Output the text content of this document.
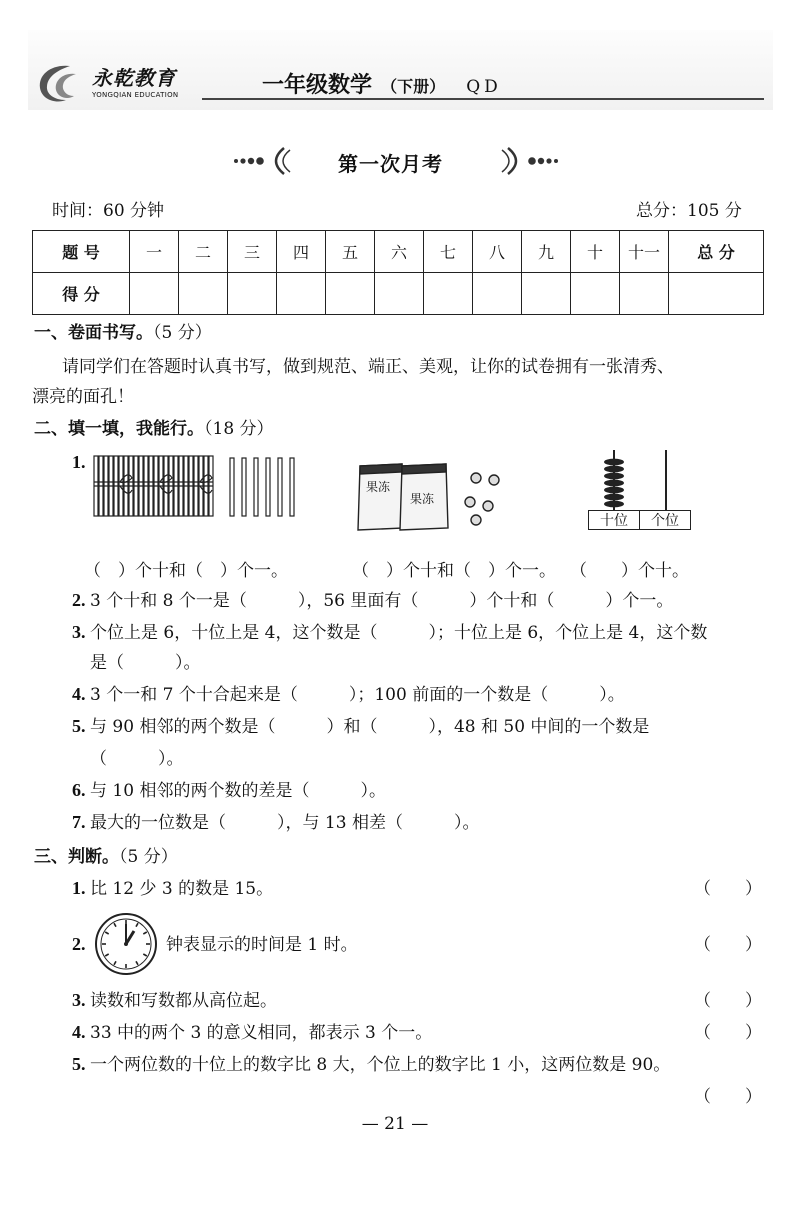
永乾教育
YONGQIAN EDUCATION	一年级数学 （下册） QD
第一次月考
时间：60 分钟	总分：105 分
题 号	一	二	三	四	五	六	七	八	九	十	十一	总 分
得 分												
一、卷面书写。（5 分）
请同学们在答题时认真书写，做到规范、端正、美观，让你的试卷拥有一张清秀、
漂亮的面孔！
二、填一填，我能行。（18 分）
1.
果冻
果冻
十位	个位
（　）个十和（　）个一。	（　）个十和（　）个一。 （　　）个十。
2. 3 个十和 8 个一是（　　　），56 里面有（　　　）个十和（　　　）个一。
3. 个位上是 6，十位上是 4，这个数是（　　　）；十位上是 6，个位上是 4，这个数
是（　　　）。
4. 3 个一和 7 个十合起来是（　　　）；100 前面的一个数是（　　　）。
5. 与 90 相邻的两个数是（　　　）和（　　　），48 和 50 中间的一个数是
（　　　）。
6. 与 10 相邻的两个数的差是（　　　）。
7. 最大的一位数是（　　　），与 13 相差（　　　）。
三、判断。（5 分）
1. 比 12 少 3 的数是 15。	（　　）
2.	钟表显示的时间是 1 时。	（　　）
3. 读数和写数都从高位起。	（　　）
4. 33 中的两个 3 的意义相同，都表示 3 个一。	（　　）
5. 一个两位数的十位上的数字比 8 大，个位上的数字比 1 小，这两位数是 90。
（　　）
— 21 —
